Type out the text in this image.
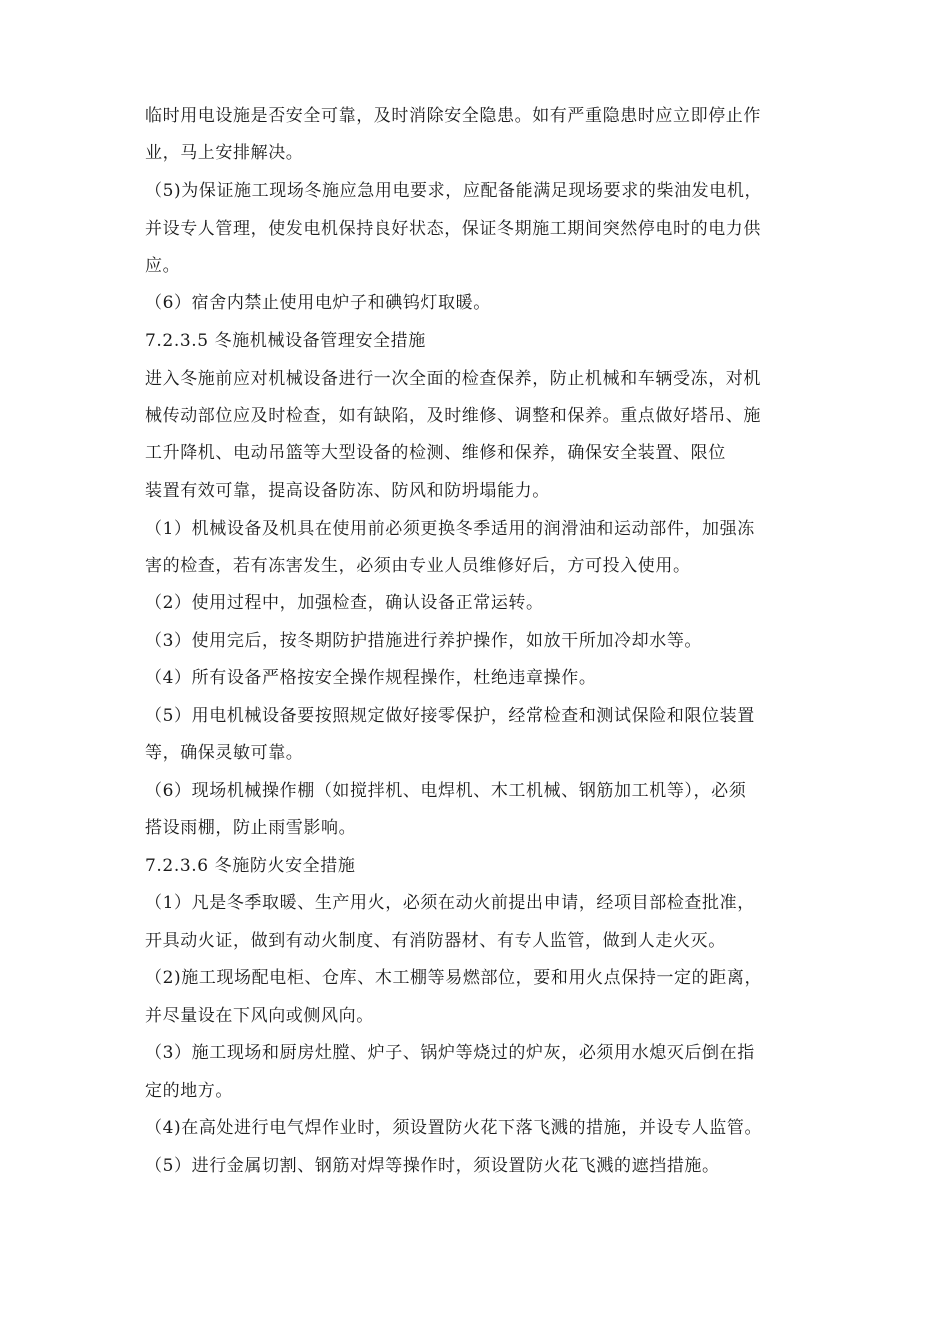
临时用电设施是否安全可靠，及时消除安全隐患。如有严重隐患时应立即停止作
业，马上安排解决。
（5)为保证施工现场冬施应急用电要求，应配备能满足现场要求的柴油发电机，
并设专人管理，使发电机保持良好状态，保证冬期施工期间突然停电时的电力供
应。
（6）宿舍内禁止使用电炉子和碘钨灯取暖。
7.2.3.5 冬施机械设备管理安全措施
进入冬施前应对机械设备进行一次全面的检查保养，防止机械和车辆受冻，对机
械传动部位应及时检查，如有缺陷，及时维修、调整和保养。重点做好塔吊、施
工升降机、电动吊篮等大型设备的检测、维修和保养，确保安全装置、限位
装置有效可靠，提高设备防冻、防风和防坍塌能力。
（1）机械设备及机具在使用前必须更换冬季适用的润滑油和运动部件，加强冻
害的检查，若有冻害发生，必须由专业人员维修好后，方可投入使用。
（2）使用过程中，加强检查，确认设备正常运转。
（3）使用完后，按冬期防护措施进行养护操作，如放干所加冷却水等。
（4）所有设备严格按安全操作规程操作，杜绝违章操作。
（5）用电机械设备要按照规定做好接零保护，经常检查和测试保险和限位装置
等，确保灵敏可靠。
（6）现场机械操作棚（如搅拌机、电焊机、木工机械、钢筋加工机等），必须
搭设雨棚，防止雨雪影响。
7.2.3.6 冬施防火安全措施
（1）凡是冬季取暖、生产用火，必须在动火前提出申请，经项目部检查批准，
开具动火证，做到有动火制度、有消防器材、有专人监管，做到人走火灭。
（2)施工现场配电柜、仓库、木工棚等易燃部位，要和用火点保持一定的距离，
并尽量设在下风向或侧风向。
（3）施工现场和厨房灶膛、炉子、锅炉等烧过的炉灰，必须用水熄灭后倒在指
定的地方。
（4)在高处进行电气焊作业时，须设置防火花下落飞溅的措施，并设专人监管。
（5）进行金属切割、钢筋对焊等操作时，须设置防火花飞溅的遮挡措施。
